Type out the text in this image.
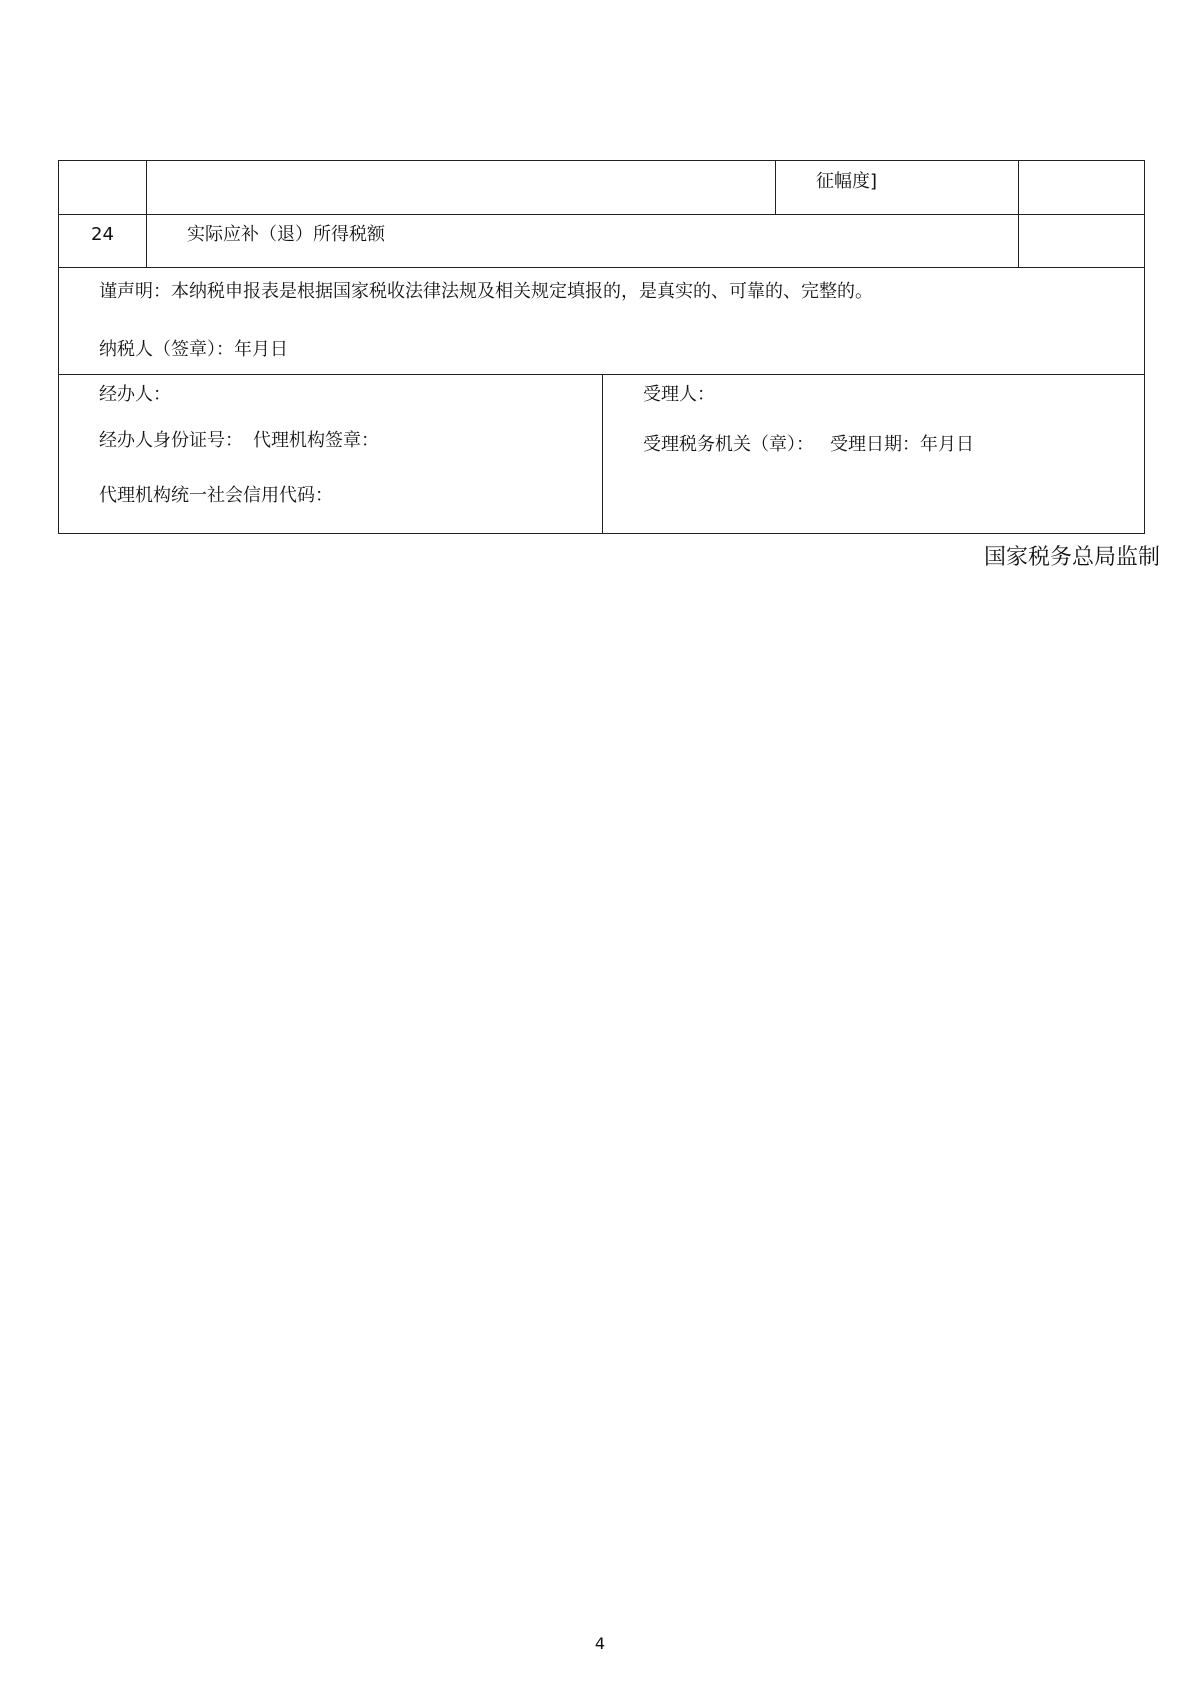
征幅度]
24	实际应补（退）所得税额
谨声明：本纳税申报表是根据国家税收法律法规及相关规定填报的，是真实的、可靠的、完整的。
纳税人（签章）：年月日
经办人：
经办人身份证号： 代理机构签章：
代理机构统一社会信用代码：
受理人：
受理税务机关（章）： 受理日期：年月日
国家税务总局监制
4
